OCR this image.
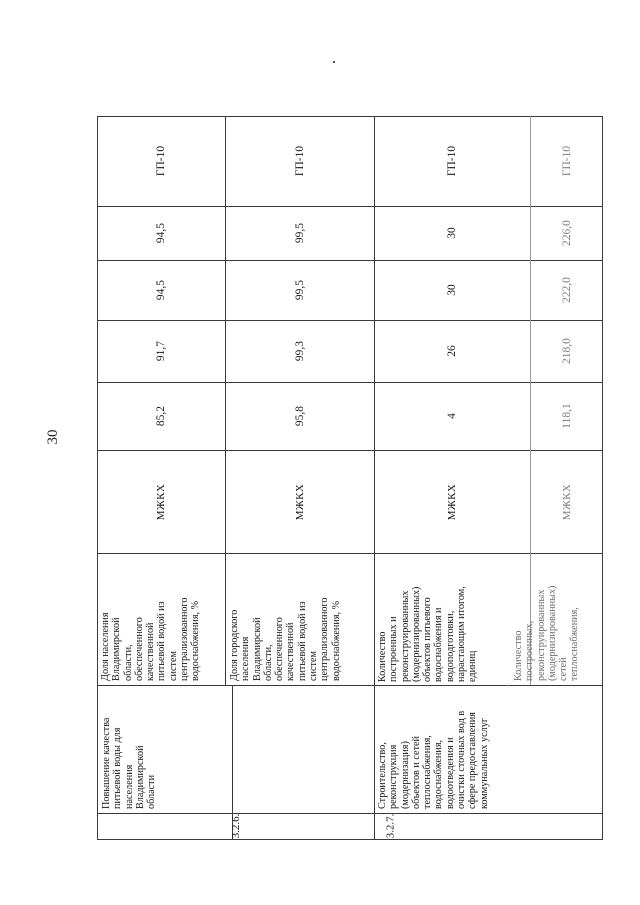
30
3.2.6.
Повышение качества питьевой воды для населения Владимирской области
Доля населения Владимирской области, обеспеченного качественной питьевой водой из систем централизованного водоснабжения, %
МЖКХ
85,2
91,7
94,5
94,5
ГП-10
Доля городского населения Владимирской области, обеспеченного качественной питьевой водой из систем централизованного водоснабжения, %
МЖКХ
95,8
99,3
99,5
99,5
ГП-10
3.2.7.
Строительство, реконструкция (модернизация) объектов и сетей теплоснабжения, водоснабжения, водоотведения и очистки сточных вод в сфере предоставления коммунальных услуг
Количество построенных и реконструированных (модернизированных) объектов питьевого водоснабжения и водоподготовки, нарастающим итогом, единиц
МЖКХ
4
26
30
30
ГП-10
Количество построенных, реконструированных (модернизированных) сетей теплоснабжения,
МЖКХ
118,1
218,0
222,0
226,0
ГП-10
